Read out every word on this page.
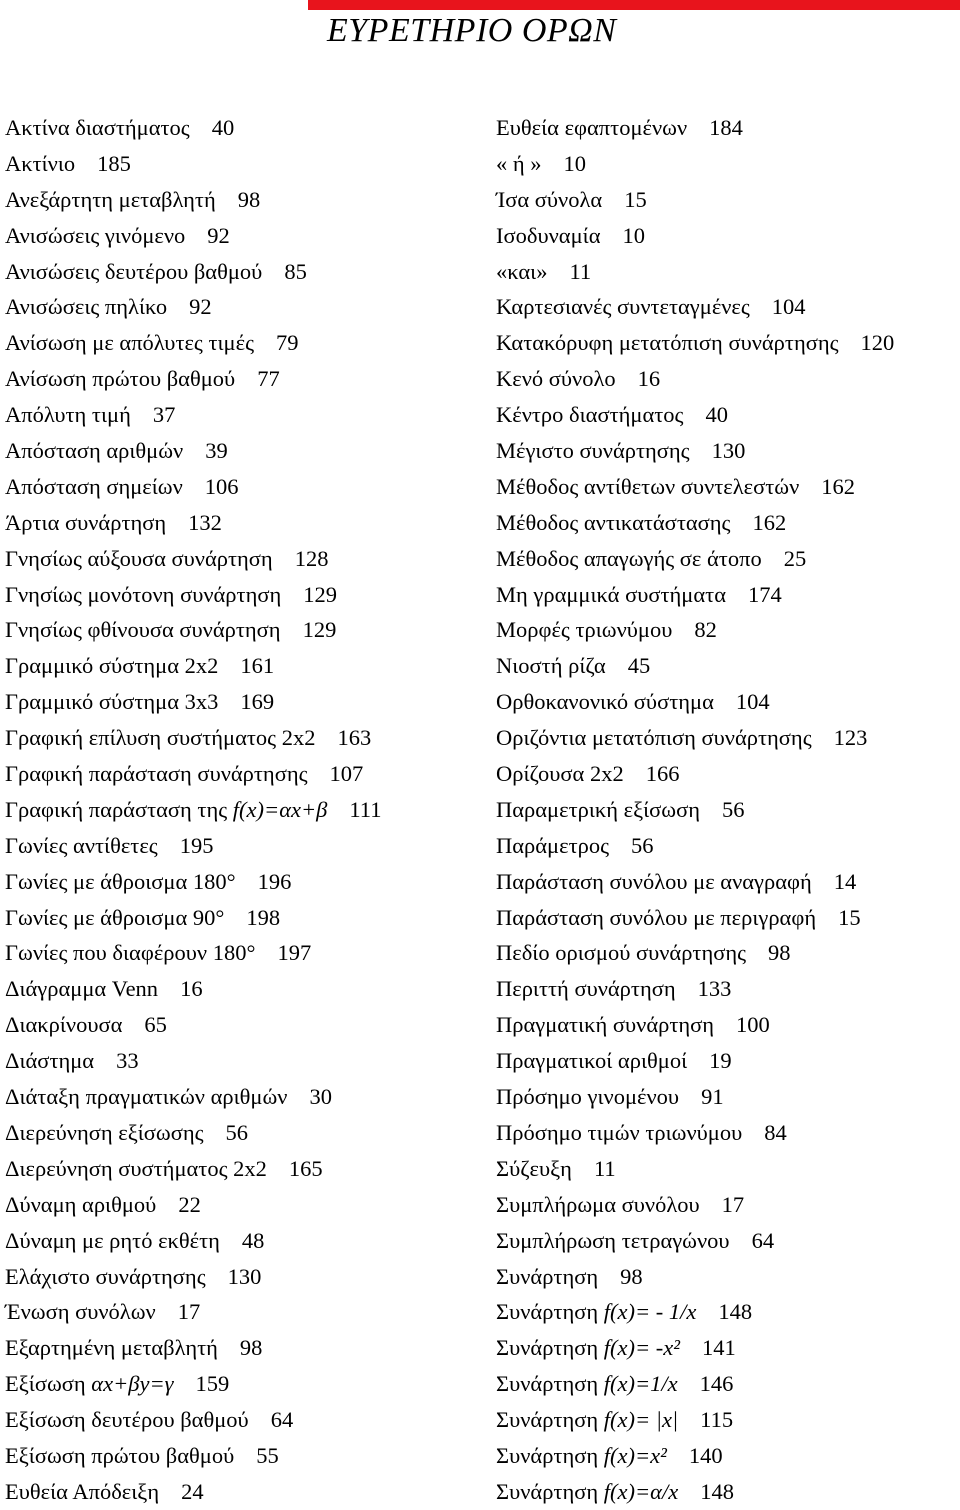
ΕΥΡΕΤΗΡΙΟ ΟΡΩΝ
Ακτίνα διαστήματος 40
Ακτίνιο 185
Ανεξάρτητη μεταβλητή 98
Ανισώσεις γινόμενο 92
Ανισώσεις δευτέρου βαθμού 85
Ανισώσεις πηλίκο 92
Ανίσωση με απόλυτες τιμές 79
Ανίσωση πρώτου βαθμού 77
Απόλυτη τιμή 37
Απόσταση αριθμών 39
Απόσταση σημείων 106
Άρτια συνάρτηση 132
Γνησίως αύξουσα συνάρτηση 128
Γνησίως μονότονη συνάρτηση 129
Γνησίως φθίνουσα συνάρτηση 129
Γραμμικό σύστημα 2x2 161
Γραμμικό σύστημα 3x3 169
Γραφική επίλυση συστήματος 2x2 163
Γραφική παράσταση συνάρτησης 107
Γραφική παράσταση της f(x)=αx+β 111
Γωνίες αντίθετες 195
Γωνίες με άθροισμα 180° 196
Γωνίες με άθροισμα 90° 198
Γωνίες που διαφέρουν 180° 197
Διάγραμμα Venn 16
Διακρίνουσα 65
Διάστημα 33
Διάταξη πραγματικών αριθμών 30
Διερεύνηση εξίσωσης 56
Διερεύνηση συστήματος 2x2 165
Δύναμη αριθμού 22
Δύναμη με ρητό εκθέτη 48
Ελάχιστο συνάρτησης 130
Ένωση συνόλων 17
Εξαρτημένη μεταβλητή 98
Εξίσωση αx+βy=γ 159
Εξίσωση δευτέρου βαθμού 64
Εξίσωση πρώτου βαθμού 55
Ευθεία Απόδειξη 24
Ευθεία εφαπτομένων 184
« ή » 10
Ίσα σύνολα 15
Ισοδυναμία 10
«και» 11
Καρτεσιανές συντεταγμένες 104
Κατακόρυφη μετατόπιση συνάρτησης 120
Κενό σύνολο 16
Κέντρο διαστήματος 40
Μέγιστο συνάρτησης 130
Μέθοδος αντίθετων συντελεστών 162
Μέθοδος αντικατάστασης 162
Μέθοδος απαγωγής σε άτοπο 25
Μη γραμμικά συστήματα 174
Μορφές τριωνύμου 82
Νιοστή ρίζα 45
Ορθοκανονικό σύστημα 104
Οριζόντια μετατόπιση συνάρτησης 123
Ορίζουσα 2x2 166
Παραμετρική εξίσωση 56
Παράμετρος 56
Παράσταση συνόλου με αναγραφή 14
Παράσταση συνόλου με περιγραφή 15
Πεδίο ορισμού συνάρτησης 98
Περιττή συνάρτηση 133
Πραγματική συνάρτηση 100
Πραγματικοί αριθμοί 19
Πρόσημο γινομένου 91
Πρόσημο τιμών τριωνύμου 84
Σύζευξη 11
Συμπλήρωμα συνόλου 17
Συμπλήρωση τετραγώνου 64
Συνάρτηση 98
Συνάρτηση f(x)= - 1/x 148
Συνάρτηση f(x)= -x² 141
Συνάρτηση f(x)=1/x 146
Συνάρτηση f(x)= |x| 115
Συνάρτηση f(x)=x² 140
Συνάρτηση f(x)=α/x 148
